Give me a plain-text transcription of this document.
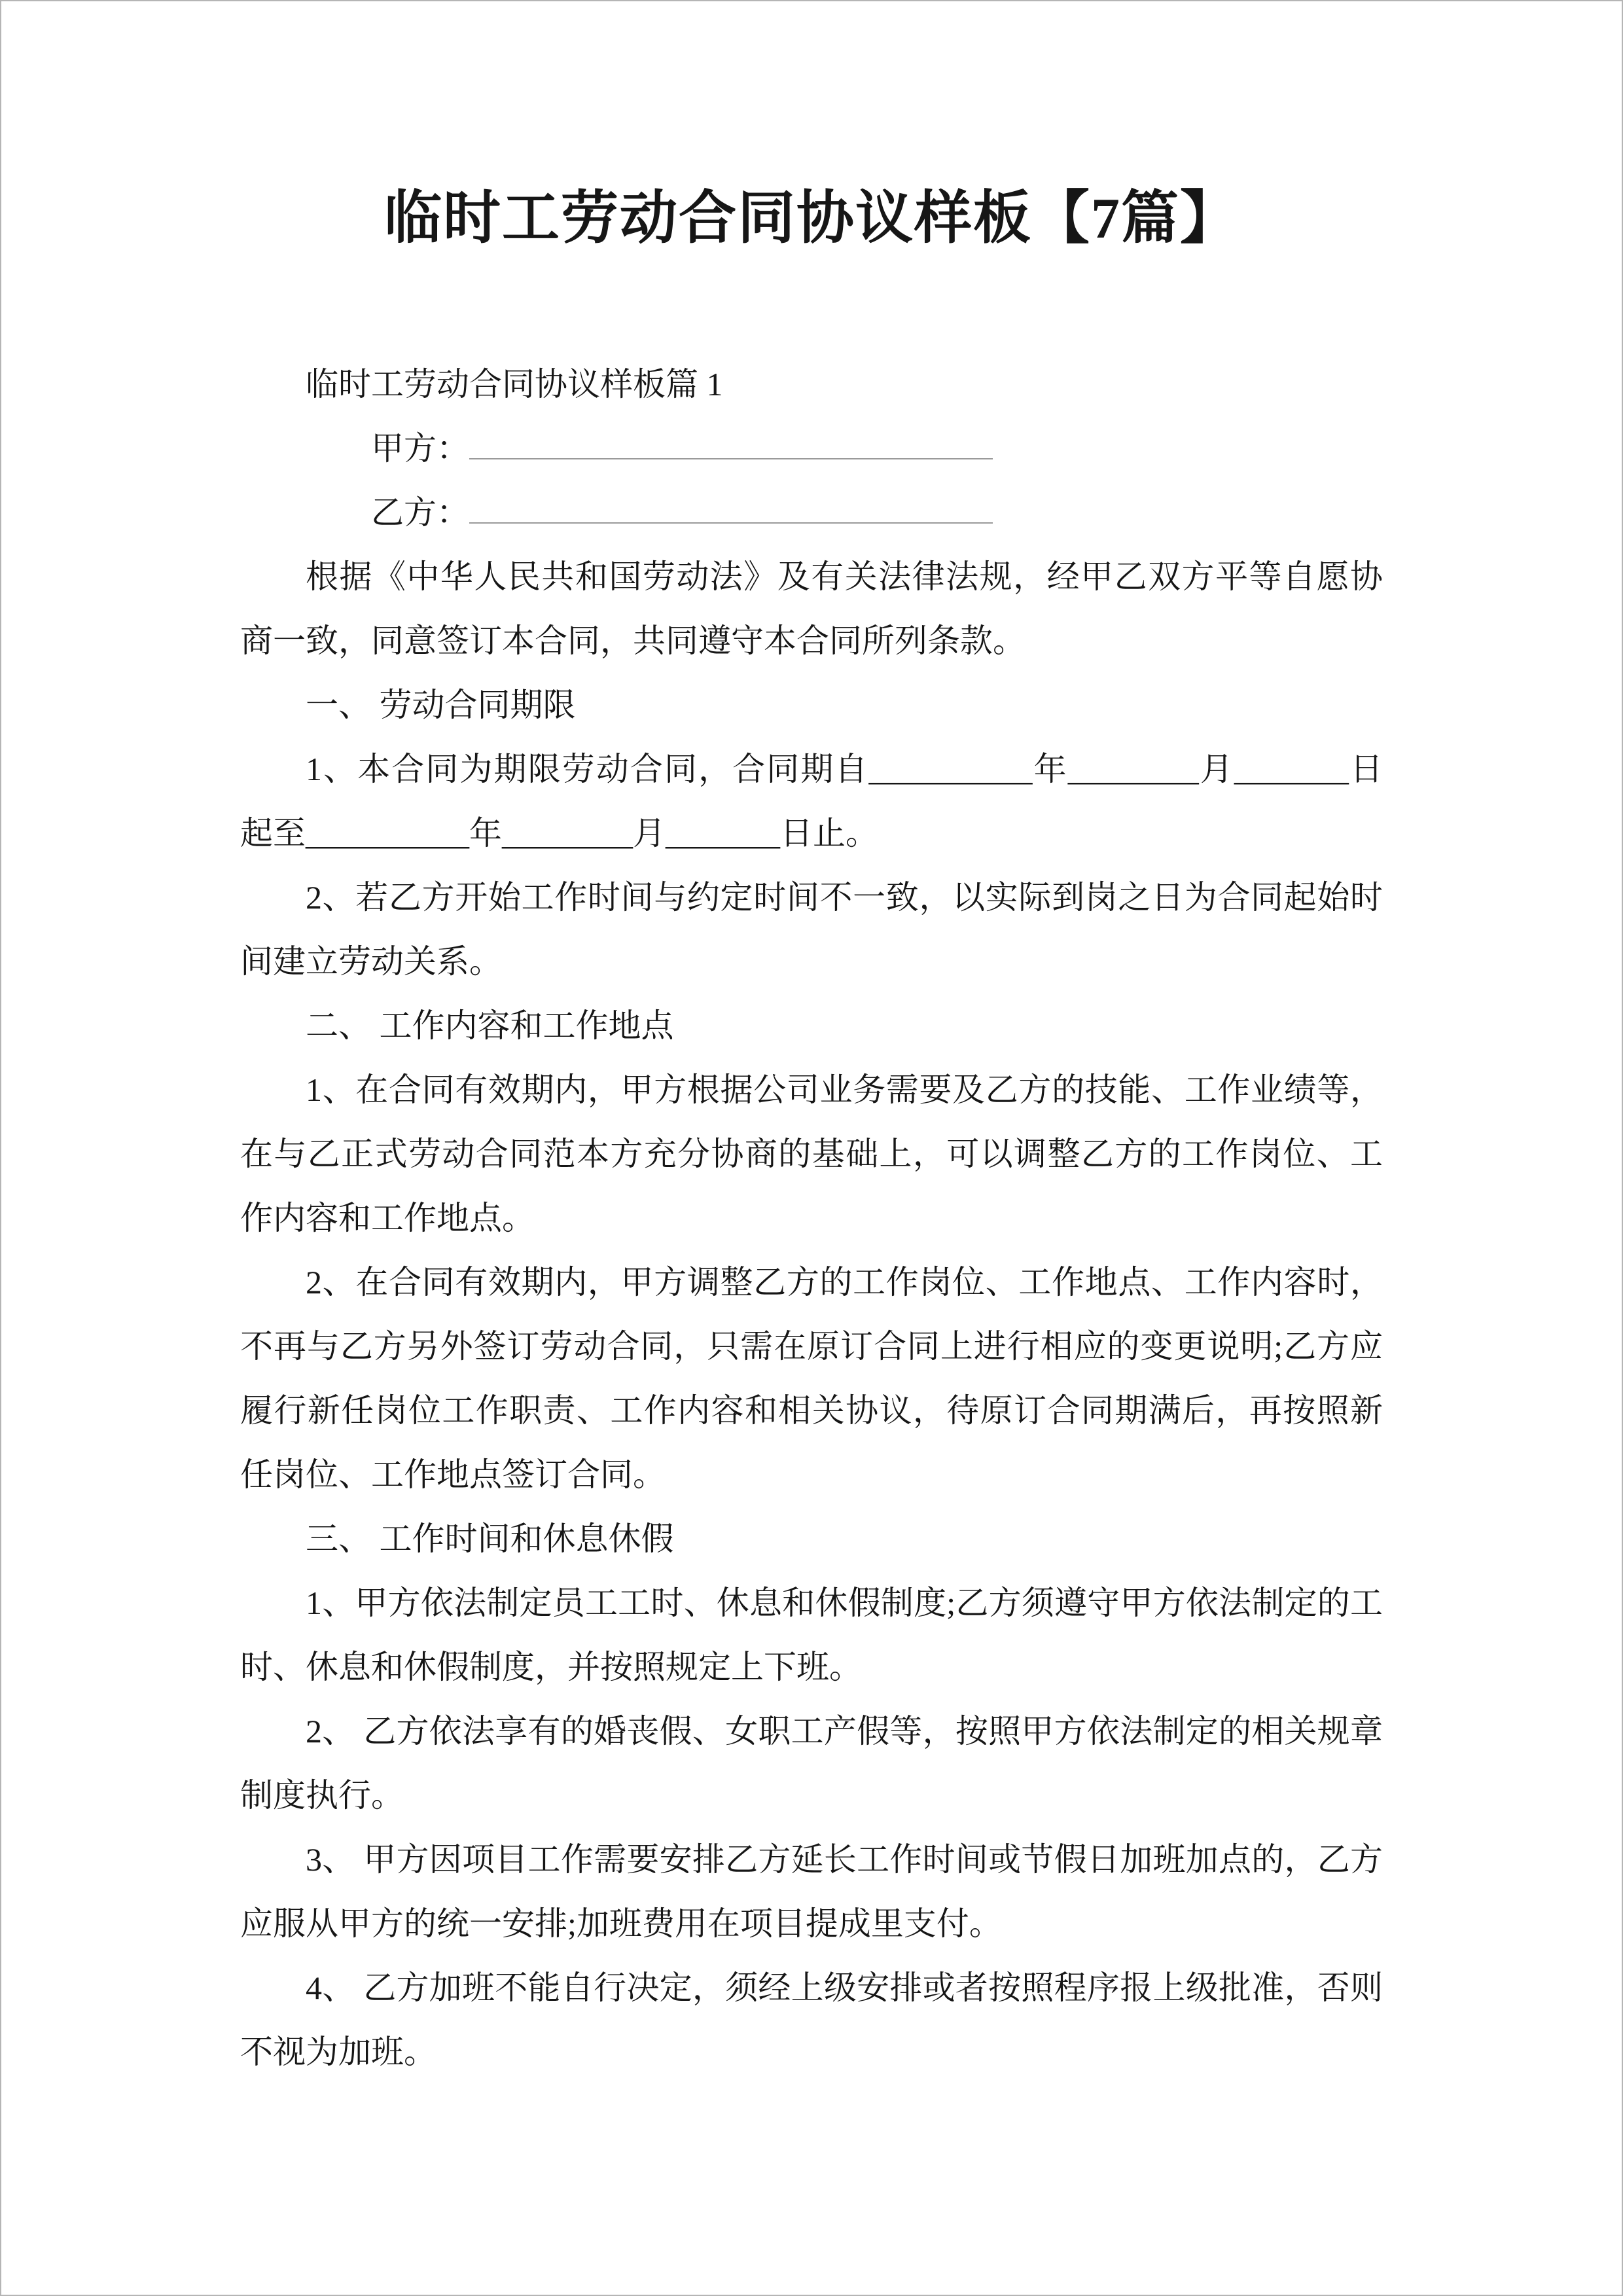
临时工劳动合同协议样板【7篇】

临时工劳动合同协议样板篇 1

甲方：

乙方：

根据《中华人民共和国劳动法》及有关法律法规，经甲乙双方平等自愿协商一致，同意签订本合同，共同遵守本合同所列条款。

一、 劳动合同期限

1、本合同为期限劳动合同，合同期自__________年________月_______日起至__________年________月_______日止。

2、若乙方开始工作时间与约定时间不一致，以实际到岗之日为合同起始时间建立劳动关系。

二、 工作内容和工作地点

1、在合同有效期内，甲方根据公司业务需要及乙方的技能、工作业绩等，在与乙正式劳动合同范本方充分协商的基础上，可以调整乙方的工作岗位、工作内容和工作地点。

2、在合同有效期内，甲方调整乙方的工作岗位、工作地点、工作内容时，不再与乙方另外签订劳动合同，只需在原订合同上进行相应的变更说明;乙方应履行新任岗位工作职责、工作内容和相关协议，待原订合同期满后，再按照新任岗位、工作地点签订合同。

三、 工作时间和休息休假

1、甲方依法制定员工工时、休息和休假制度;乙方须遵守甲方依法制定的工时、休息和休假制度，并按照规定上下班。

2、 乙方依法享有的婚丧假、女职工产假等，按照甲方依法制定的相关规章制度执行。

3、 甲方因项目工作需要安排乙方延长工作时间或节假日加班加点的，乙方应服从甲方的统一安排;加班费用在项目提成里支付。

4、 乙方加班不能自行决定，须经上级安排或者按照程序报上级批准，否则不视为加班。
